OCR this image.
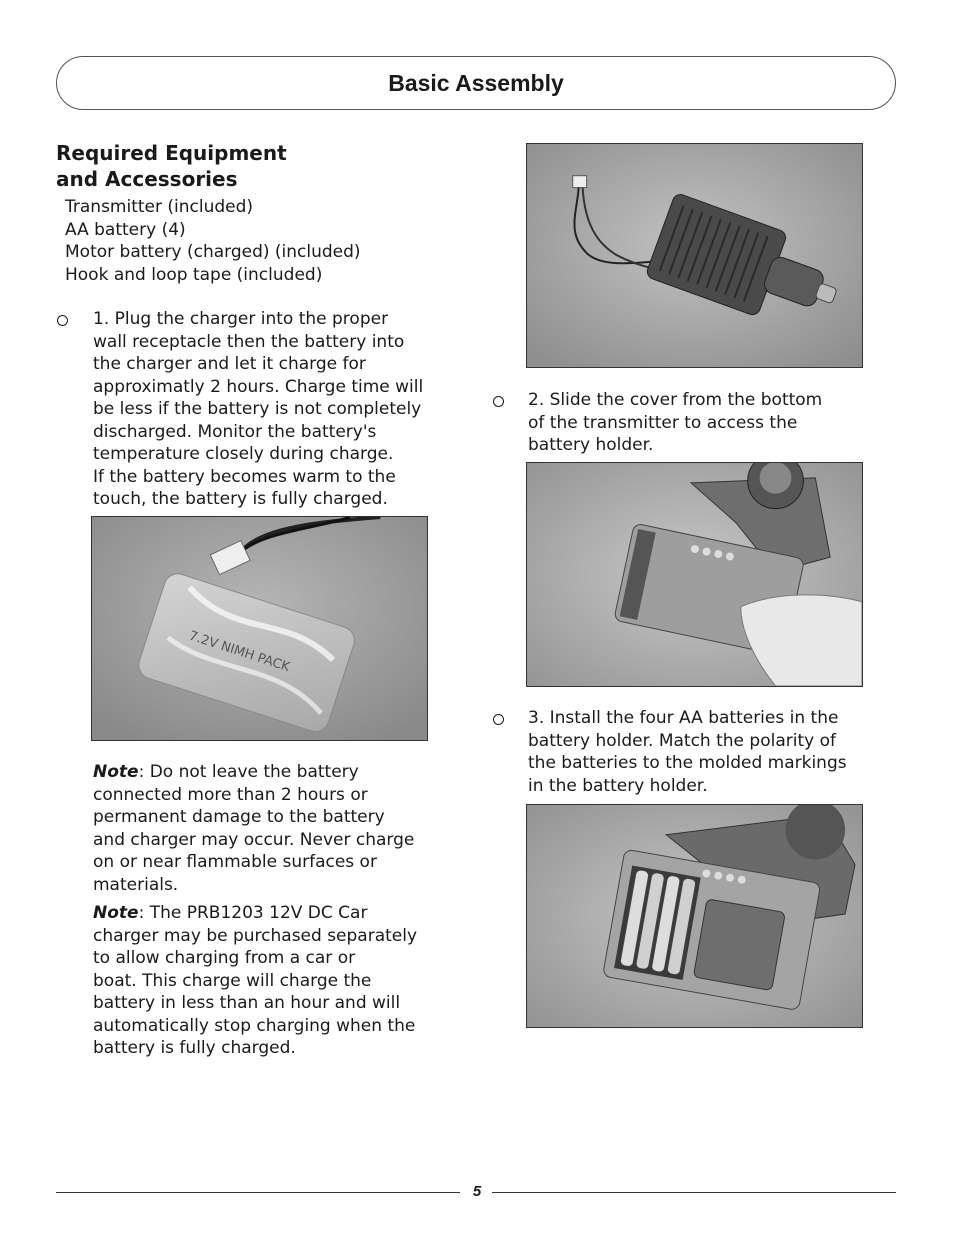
Basic Assembly
Required Equipment
and Accessories
Transmitter (included)
AA battery (4)
Motor battery (charged) (included)
Hook and loop tape (included)
1. Plug the charger into the proper
wall receptacle then the battery into
the charger and let it charge for
approximatly 2 hours. Charge time will
be less if the battery is not completely
discharged. Monitor the battery's
temperature closely during charge.
If the battery becomes warm to the
touch, the battery is fully charged.
7.2V NIMH PACK
Note: Do not leave the battery
connected more than 2 hours or
permanent damage to the battery
and charger may occur. Never charge
on or near flammable surfaces or
materials.
Note: The PRB1203 12V DC Car
charger may be purchased separately
to allow charging from a car or
boat. This charge will charge the
battery in less than an hour and will
automatically stop charging when the
battery is fully charged.
2. Slide the cover from the bottom
of the transmitter to access the
battery holder.
3. Install the four AA batteries in the
battery holder. Match the polarity of
the batteries to the molded markings
in the battery holder.
5
